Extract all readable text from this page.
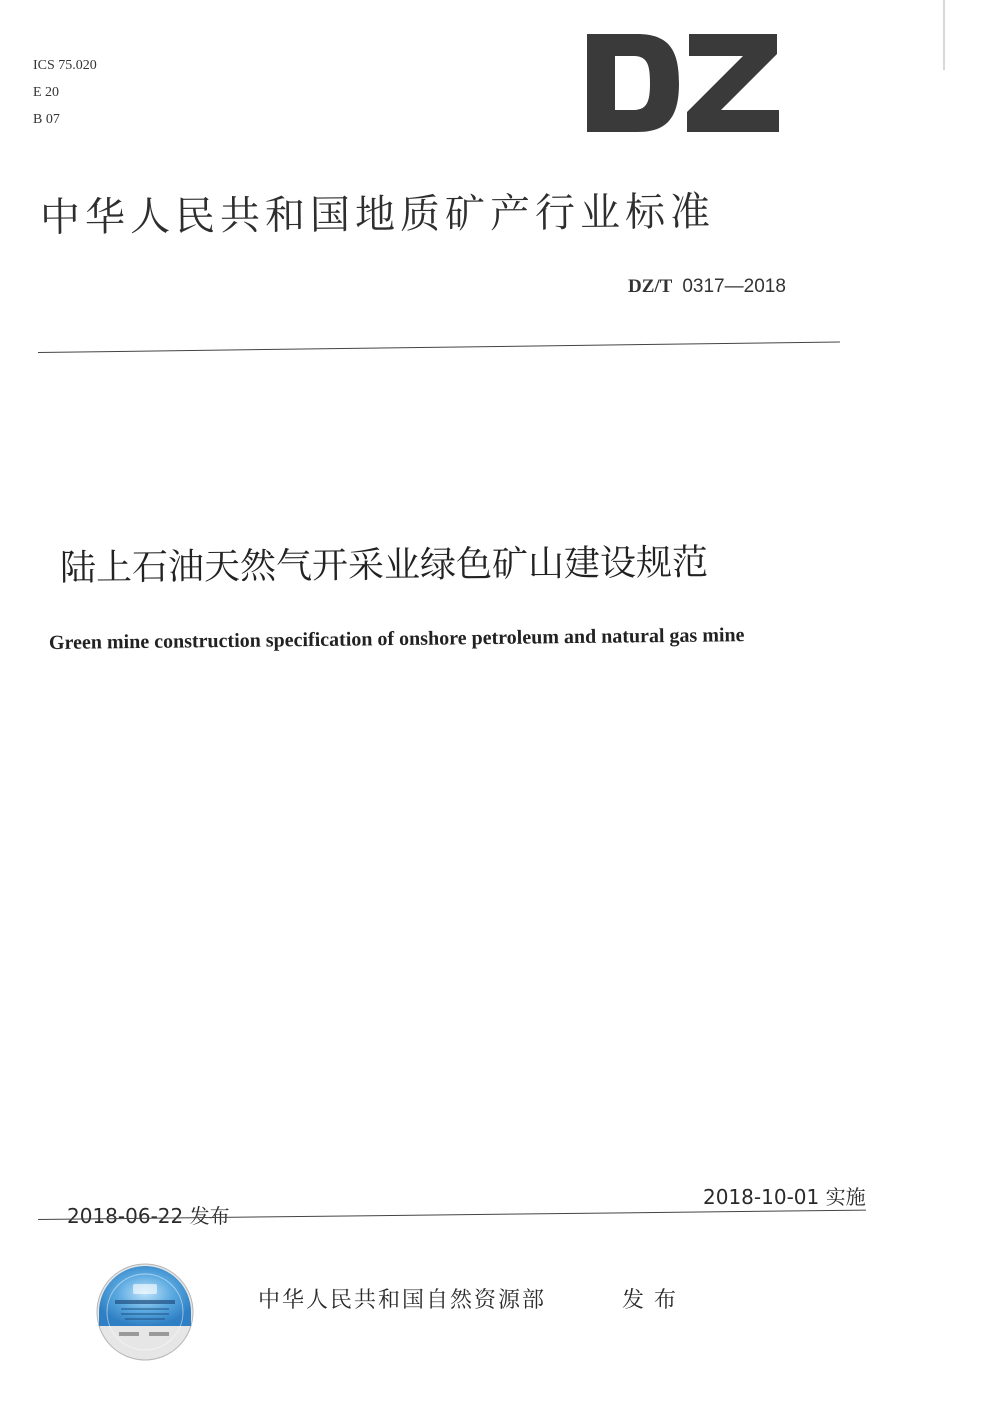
ICS 75.020
E 20
B 07
中华人民共和国地质矿产行业标准
DZ/T 0317—2018
陆上石油天然气开采业绿色矿山建设规范
Green mine construction specification of onshore petroleum and natural gas mine
2018-06-22 发布
2018-10-01 实施
中华人民共和国自然资源部	发布
